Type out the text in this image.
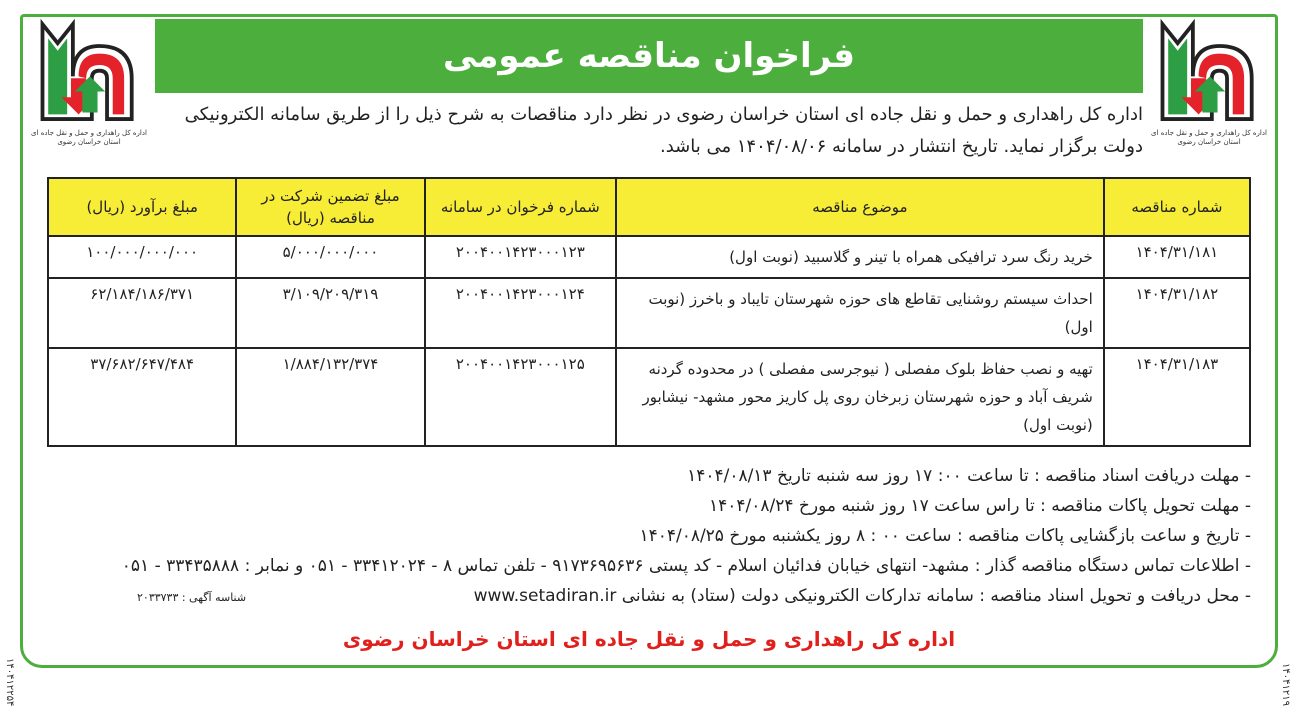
اداره کل راهداری و حمل و نقل جاده ای استان خراسان رضوی
فراخوان مناقصه عمومی
اداره کل راهداری و حمل و نقل جاده ای استان خراسان رضوی در نظر دارد مناقصات به شرح ذیل را از طریق سامانه الکترونیکی دولت برگزار نماید. تاریخ انتشار در سامانه ۱۴۰۴/۰۸/۰۶ می باشد.
اداره کل راهداری و حمل و نقل جاده ای استان خراسان رضوی
شماره مناقصه	موضوع مناقصه	شماره فرخوان در سامانه	مبلغ تضمین شرکت در مناقصه (ریال)	مبلغ برآورد (ریال)
۱۴۰۴/۳۱/۱۸۱	خرید رنگ سرد ترافیکی همراه با تینر و گلاسبید (نوبت اول)	۲۰۰۴۰۰۱۴۲۳۰۰۰۱۲۳	۵/۰۰۰/۰۰۰/۰۰۰	۱۰۰/۰۰۰/۰۰۰/۰۰۰
۱۴۰۴/۳۱/۱۸۲	احداث سیستم روشنایی تقاطع های حوزه شهرستان تایباد و باخرز (نوبت اول)	۲۰۰۴۰۰۱۴۲۳۰۰۰۱۲۴	۳/۱۰۹/۲۰۹/۳۱۹	۶۲/۱۸۴/۱۸۶/۳۷۱
۱۴۰۴/۳۱/۱۸۳	تهیه و نصب حفاظ بلوک مفصلی ( نیوجرسی مفصلی ) در محدوده گردنه شریف آباد و حوزه شهرستان زبرخان روی پل کاریز محور مشهد- نیشابور (نوبت اول)	۲۰۰۴۰۰۱۴۲۳۰۰۰۱۲۵	۱/۸۸۴/۱۳۲/۳۷۴	۳۷/۶۸۲/۶۴۷/۴۸۴
- مهلت دریافت اسناد مناقصه : تا ساعت ۰۰: ۱۷ روز سه شنبه تاریخ ۱۴۰۴/۰۸/۱۳
- مهلت تحویل پاکات مناقصه : تا راس ساعت ۱۷ روز شنبه مورخ ۱۴۰۴/۰۸/۲۴
- تاریخ و ساعت بازگشایی پاکات مناقصه : ساعت ۰۰ : ۸ روز یکشنبه مورخ ۱۴۰۴/۰۸/۲۵
- اطلاعات تماس دستگاه مناقصه گذار : مشهد- انتهای خیابان فدائیان اسلام - کد پستی ۹۱۷۳۶۹۵۶۳۶ - تلفن تماس ۸ - ۳۳۴۱۲۰۲۴ - ۰۵۱ و نمابر : ۳۳۴۳۵۸۸۸ - ۰۵۱
- محل دریافت و تحویل اسناد مناقصه : سامانه تدارکات الکترونیکی دولت (ستاد) به نشانی www.setadiran.ir
شناسه آگهی : ۲۰۳۳۷۳۳
اداره کل راهداری و حمل و نقل جاده ای استان خراسان رضوی
۱۴۰۴۱۲۱۹
۱۴۰۴۱۲۲۵۴
